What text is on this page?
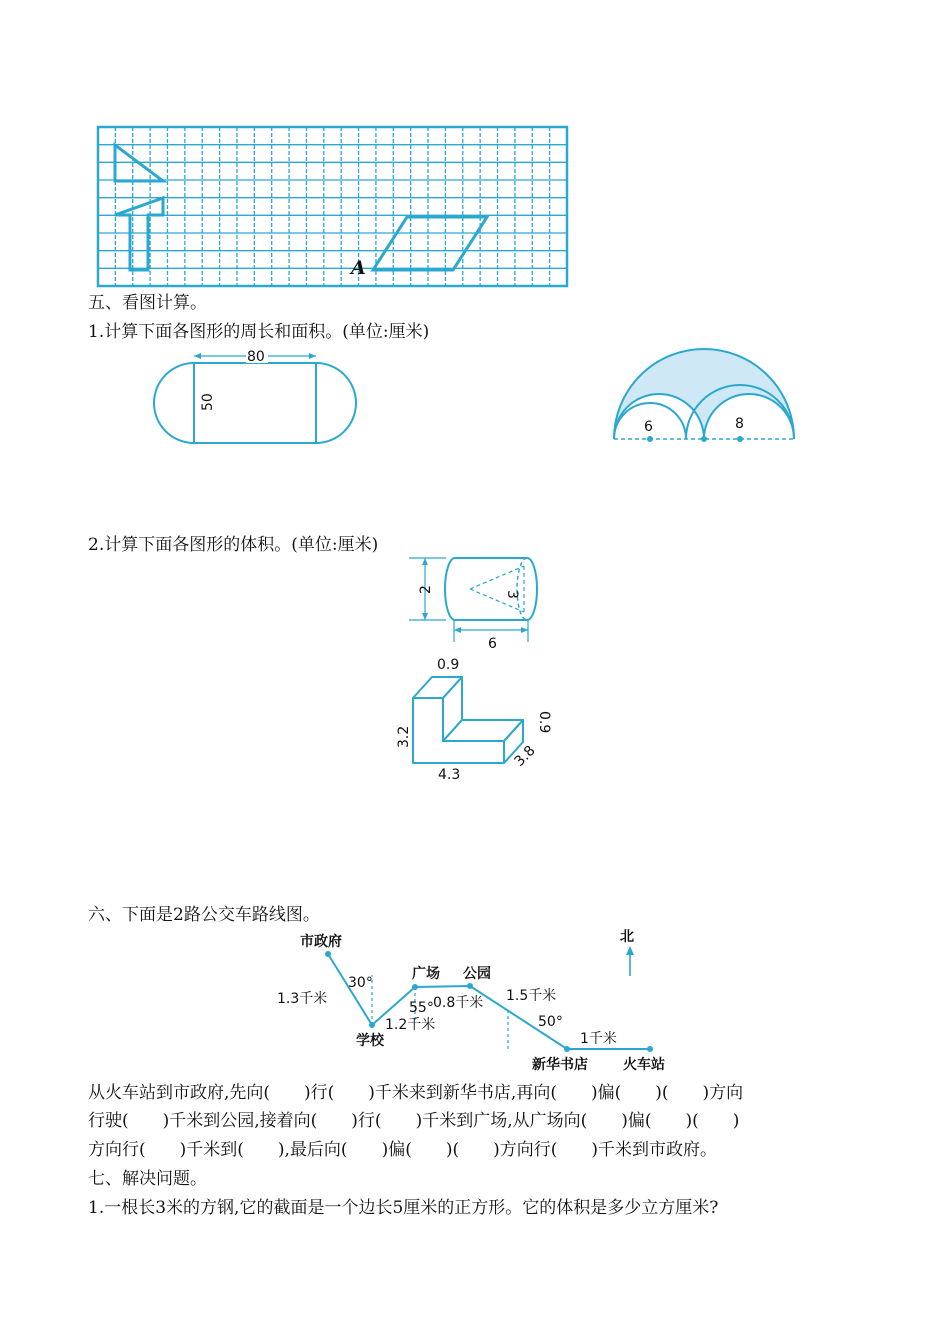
A
五、看图计算。
1.计算下面各图形的周长和面积。(单位:厘米)
80
50
6	8
2.计算下面各图形的体积。(单位:厘米)
2
6
3
0.9
3.2
4.3
3.8
0.9
六、下面是2路公交车路线图。
北
市政府
广场 公园
学校
新华书店	火车站
1.3千米	0.8千米 1.5千米
1.2千米
1千米
30°
55°
50°
从火车站到市政府,先向(　　)行(　　)千米来到新华书店,再向(　　)偏(　　)(　　)方向
行驶(　　)千米到公园,接着向(　　)行(　　)千米到广场,从广场向(　　)偏(　　)(　　)
方向行(　　)千米到(　　),最后向(　　)偏(　　)(　　)方向行(　　)千米到市政府。
七、解决问题。
1.一根长3米的方钢,它的截面是一个边长5厘米的正方形。它的体积是多少立方厘米?
